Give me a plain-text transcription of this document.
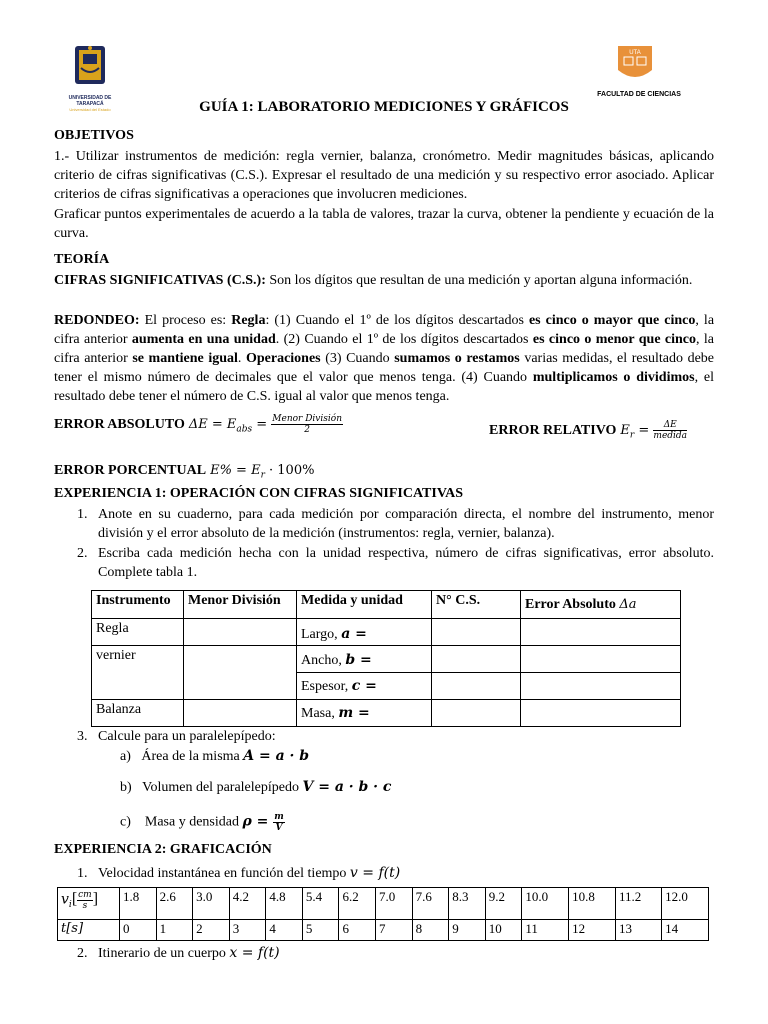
UNIVERSIDAD DE TARAPACÁ
Universidad del Estado
UTA
FACULTAD DE CIENCIAS
GUÍA 1: LABORATORIO MEDICIONES Y GRÁFICOS
OBJETIVOS
1.- Utilizar instrumentos de medición: regla vernier, balanza, cronómetro. Medir magnitudes básicas, aplicando criterio de cifras significativas (C.S.). Expresar el resultado de una medición y su respectivo error asociado. Aplicar criterios de cifras significativas a operaciones que involucren mediciones.
Graficar puntos experimentales de acuerdo a la tabla de valores, trazar la curva, obtener la pendiente y ecuación de la curva.
TEORÍA
CIFRAS SIGNIFICATIVAS (C.S.): Son los dígitos que resultan de una medición y aportan alguna información.
REDONDEO: El proceso es: Regla: (1) Cuando el 1º de los dígitos descartados es cinco o mayor que cinco, la cifra anterior aumenta en una unidad. (2) Cuando el 1º de los dígitos descartados es cinco o menor que cinco, la cifra anterior se mantiene igual. Operaciones (3) Cuando sumamos o restamos varias medidas, el resultado debe tener el mismo número de decimales que el valor que menos tenga. (4) Cuando multiplicamos o dividimos, el resultado debe tener el número de C.S. igual al valor que menos tenga.
ERROR ABSOLUTO $\Delta E = E_{abs} = \frac{\text{Menor División}}{2}$	ERROR RELATIVO $E_r = \frac{\Delta E}{\text{medida}}$
ERROR PORCENTUAL $E\% = E_r \cdot 100\%$
EXPERIENCIA 1: OPERACIÓN CON CIFRAS SIGNIFICATIVAS
1. Anote en su cuaderno, para cada medición por comparación directa, el nombre del instrumento, menor división y el error absoluto de la medición (instrumentos: regla, vernier, balanza).
2. Escriba cada medición hecha con la unidad respectiva, número de cifras significativas, error absoluto. Complete tabla 1.
Instrumento	Menor División	Medida y unidad	N° C.S.	Error Absoluto Δa
Regla		Largo, a =		
vernier		Ancho, b =		
		Espesor, c =		
Balanza		Masa, m =		
3. Calcule para un paralelepípedo:
a) Área de la misma A = a · b
b) Volumen del paralelepípedo V = a · b · c
c) Masa y densidad $\rho = \frac{m}{V}$
EXPERIENCIA 2: GRAFICACIÓN
1. Velocidad instantánea en función del tiempo v = f(t)
$v_i[ \frac{cm}{s}$ ]	1.8	2.6	3.0	4.2	4.8	5.4	6.2	7.0	7.6	8.3	9.2	10.0	10.8	11.2	12.0
t[s]	0	1	2	3	4	5	6	7	8	9	10	11	12	13	14
2. Itinerario de un cuerpo x = f(t)
